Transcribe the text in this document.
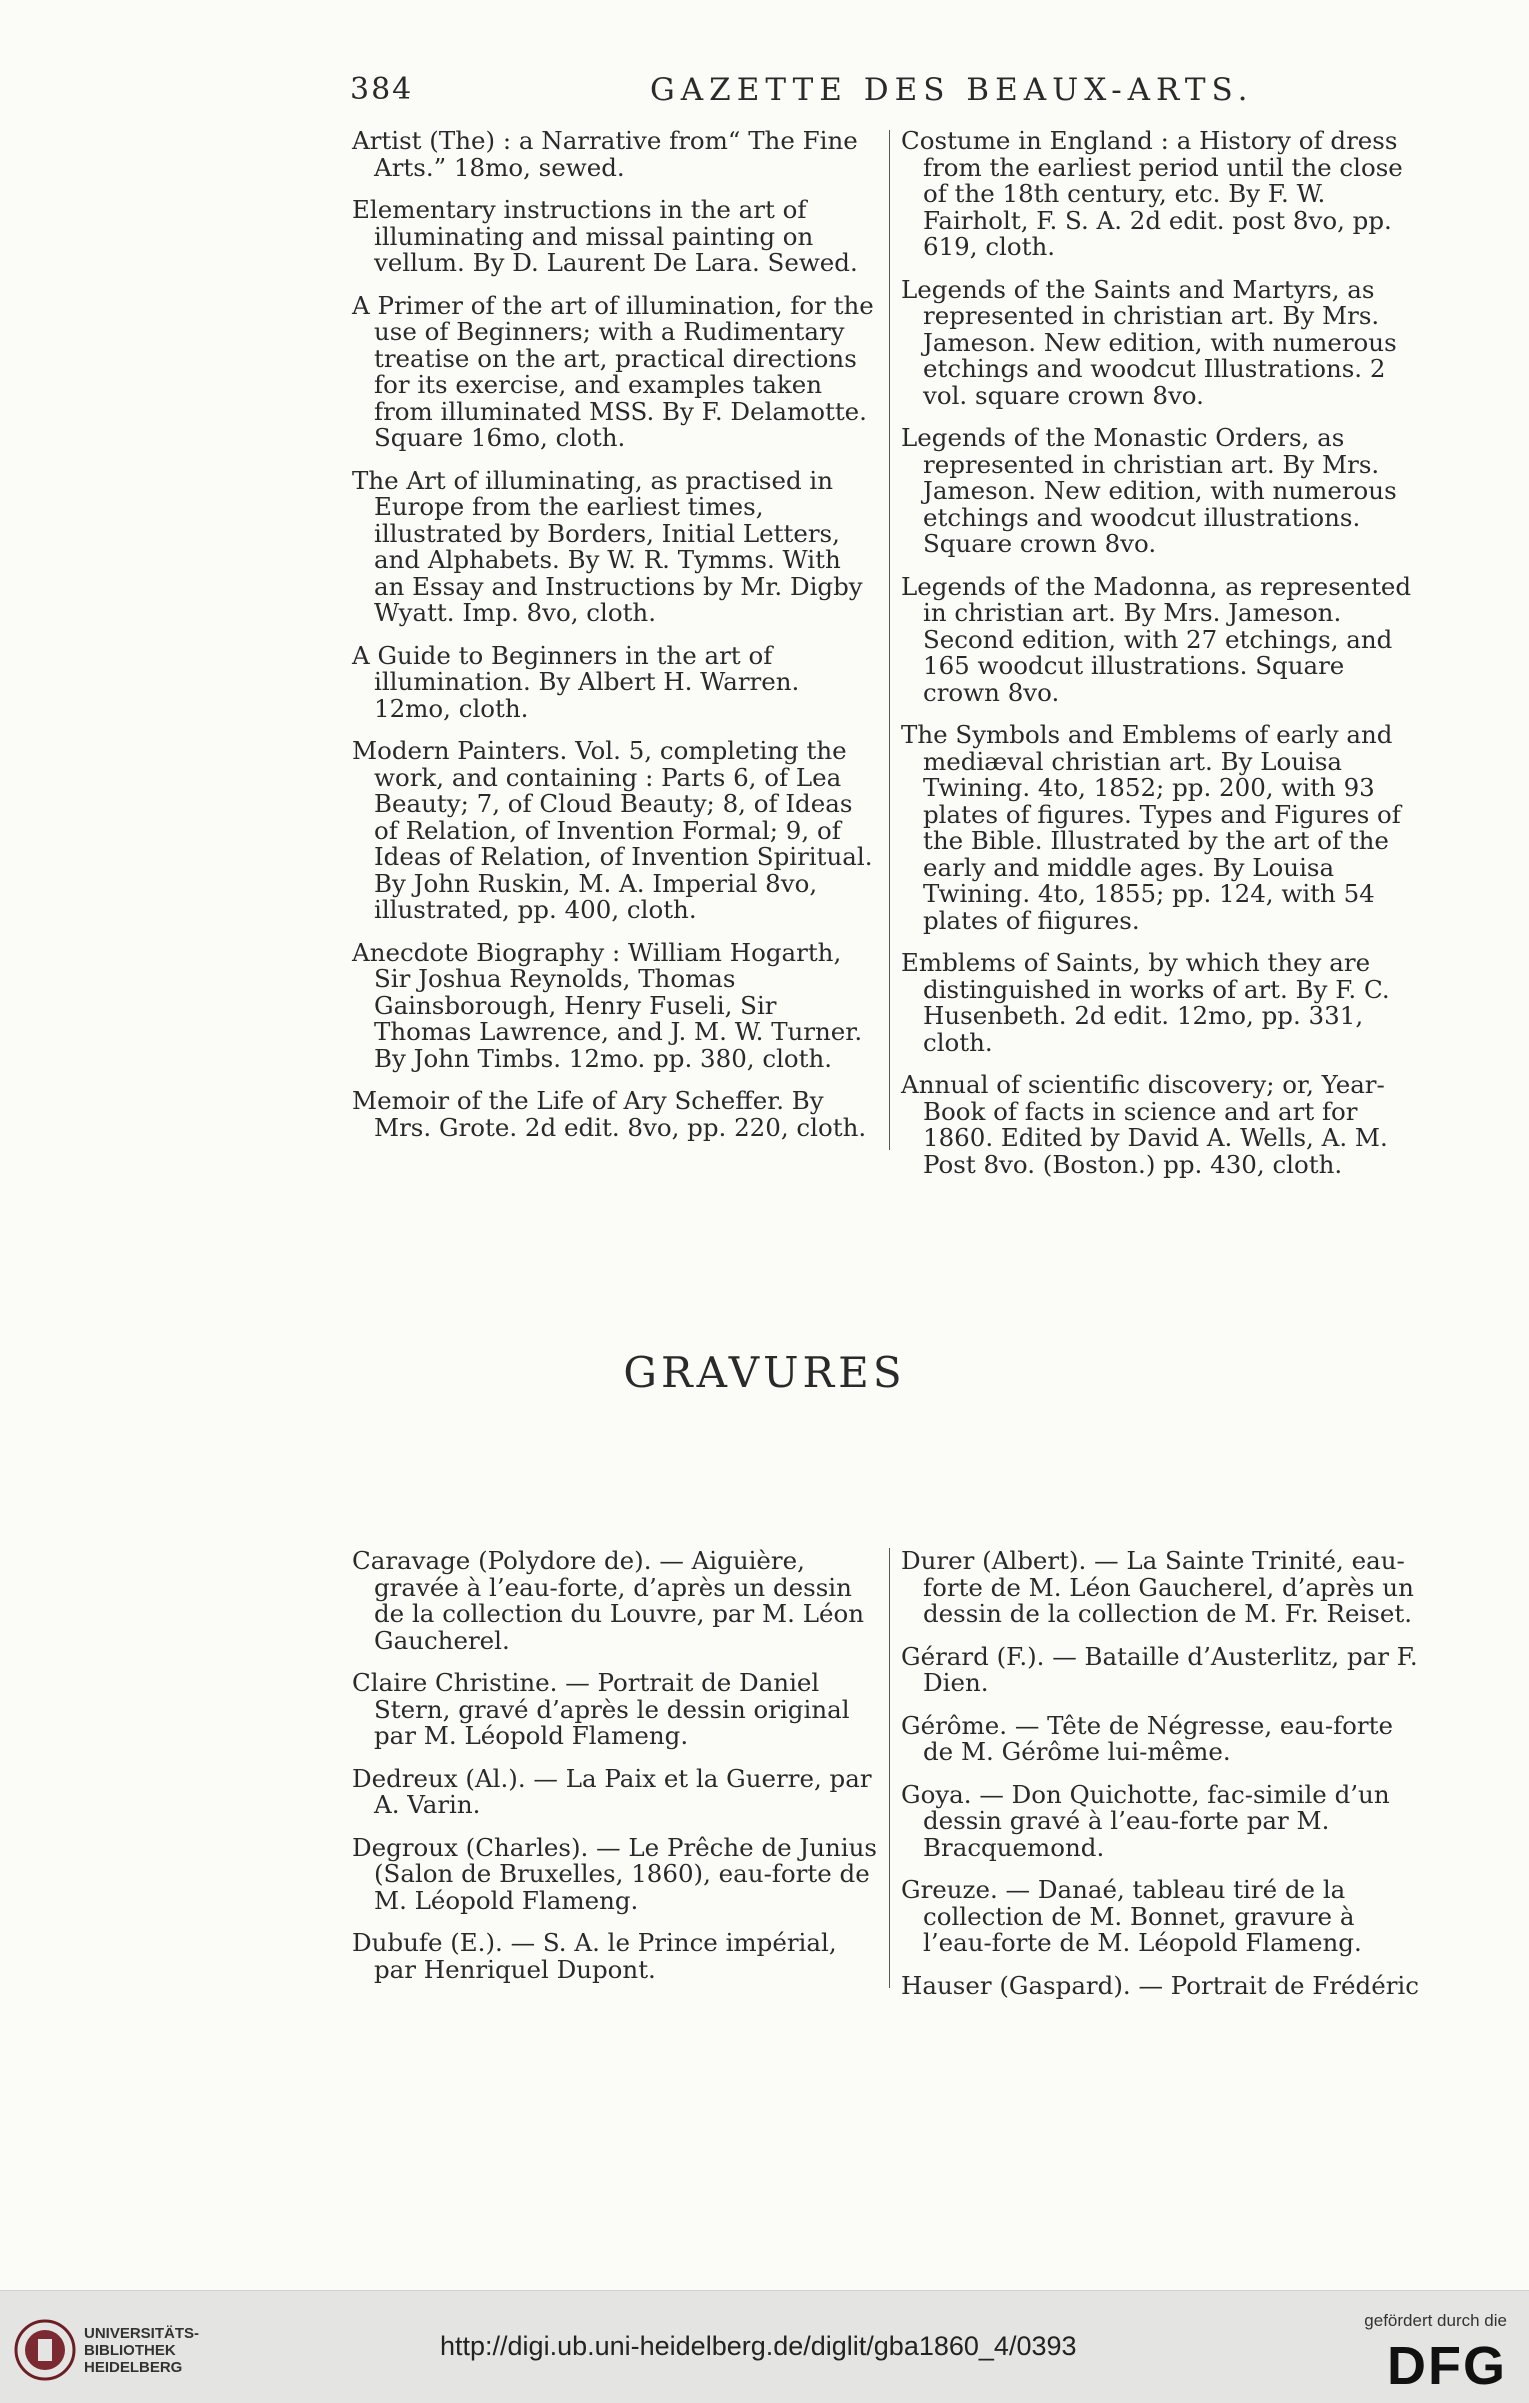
384	GAZETTE DES BEAUX-ARTS.

Artist (The) : a Narrative from“ The Fine Arts.” 18mo, sewed.

Elementary instructions in the art of illuminating and missal painting on vellum. By D. Laurent De Lara. Sewed.

A Primer of the art of illumination, for the use of Beginners; with a Rudimentary treatise on the art, practical directions for its exercise, and examples taken from illuminated MSS. By F. Delamotte. Square 16mo, cloth.

The Art of illuminating, as practised in Europe from the earliest times, illustrated by Borders, Initial Letters, and Alphabets. By W. R. Tymms. With an Essay and Instructions by Mr. Digby Wyatt. Imp. 8vo, cloth.

A Guide to Beginners in the art of illumination. By Albert H. Warren. 12mo, cloth.

Modern Painters. Vol. 5, completing the work, and containing : Parts 6, of Lea Beauty; 7, of Cloud Beauty; 8, of Ideas of Relation, of Invention Formal; 9, of Ideas of Relation, of Invention Spiritual. By John Ruskin, M. A. Imperial 8vo, illustrated, pp. 400, cloth.

Anecdote Biography : William Hogarth, Sir Joshua Reynolds, Thomas Gainsborough, Henry Fuseli, Sir Thomas Lawrence, and J. M. W. Turner. By John Timbs. 12mo. pp. 380, cloth.

Memoir of the Life of Ary Scheffer. By Mrs. Grote. 2d edit. 8vo, pp. 220, cloth.

Costume in England : a History of dress from the earliest period until the close of the 18th century, etc. By F. W. Fairholt, F. S. A. 2d edit. post 8vo, pp. 619, cloth.

Legends of the Saints and Martyrs, as represented in christian art. By Mrs. Jameson. New edition, with numerous etchings and woodcut Illustrations. 2 vol. square crown 8vo.

Legends of the Monastic Orders, as represented in christian art. By Mrs. Jameson. New edition, with numerous etchings and woodcut illustrations. Square crown 8vo.

Legends of the Madonna, as represented in christian art. By Mrs. Jameson. Second edition, with 27 etchings, and 165 woodcut illustrations. Square crown 8vo.

The Symbols and Emblems of early and mediæval christian art. By Louisa Twining. 4to, 1852; pp. 200, with 93 plates of figures. Types and Figures of the Bible. Illustrated by the art of the early and middle ages. By Louisa Twining. 4to, 1855; pp. 124, with 54 plates of fiigures.

Emblems of Saints, by which they are distinguished in works of art. By F. C. Husenbeth. 2d edit. 12mo, pp. 331, cloth.

Annual of scientific discovery; or, Year-Book of facts in science and art for 1860. Edited by David A. Wells, A. M. Post 8vo. (Boston.) pp. 430, cloth.

GRAVURES

Caravage (Polydore de). — Aiguière, gravée à l’eau-forte, d’après un dessin de la collection du Louvre, par M. Léon Gaucherel.

Claire Christine. — Portrait de Daniel Stern, gravé d’après le dessin original par M. Léopold Flameng.

Dedreux (Al.). — La Paix et la Guerre, par A. Varin.

Degroux (Charles). — Le Prêche de Junius (Salon de Bruxelles, 1860), eau-forte de M. Léopold Flameng.

Dubufe (E.). — S. A. le Prince impérial, par Henriquel Dupont.

Durer (Albert). — La Sainte Trinité, eau-forte de M. Léon Gaucherel, d’après un dessin de la collection de M. Fr. Reiset.

Gérard (F.). — Bataille d’Austerlitz, par F. Dien.

Gérôme. — Tête de Négresse, eau-forte de M. Gérôme lui-même.

Goya. — Don Quichotte, fac-simile d’un dessin gravé à l’eau-forte par M. Bracquemond.

Greuze. — Danaé, tableau tiré de la collection de M. Bonnet, gravure à l’eau-forte de M. Léopold Flameng.

Hauser (Gaspard). — Portrait de Frédéric

UNIVERSITÄTS-
BIBLIOTHEK
HEIDELBERG
http://digi.ub.uni-heidelberg.de/diglit/gba1860_4/0393
gefördert durch die
DFG
